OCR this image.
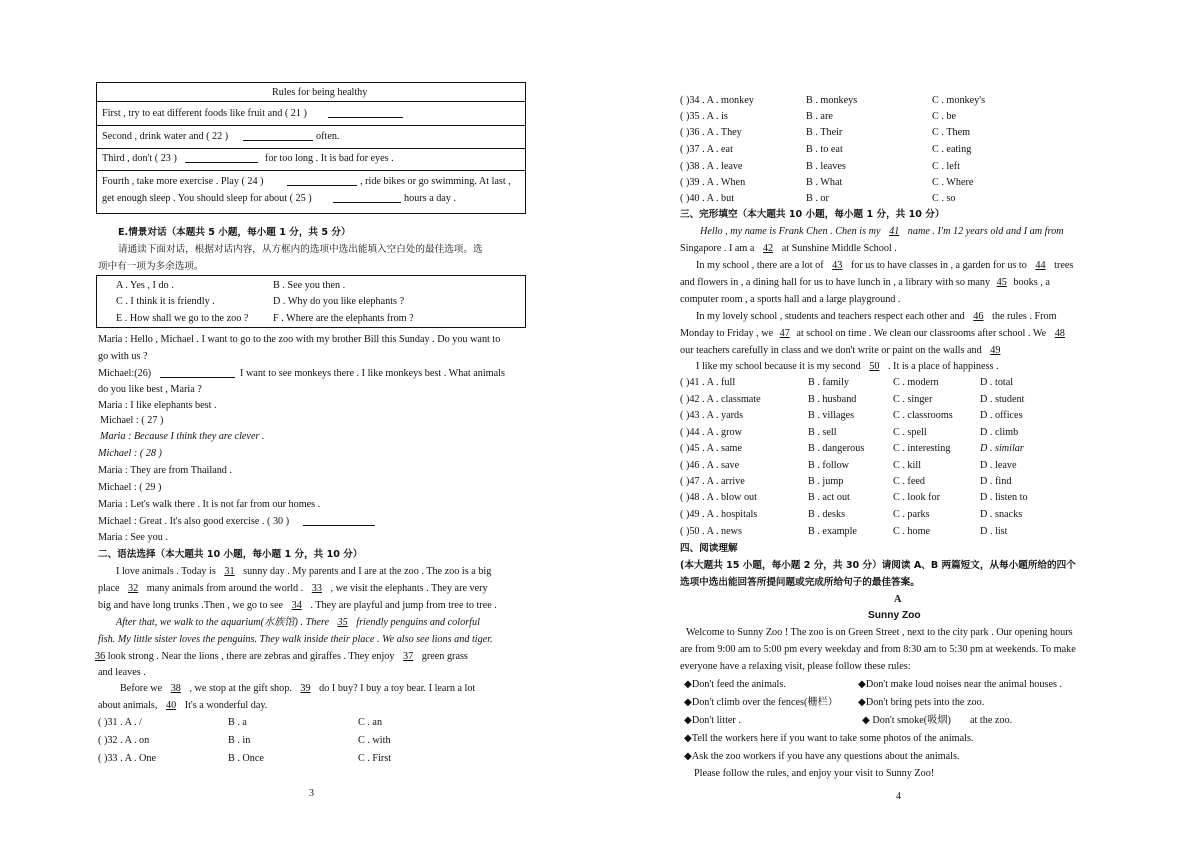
Rules for being healthy
First , try to eat different foods like fruit and ( 21 )
Second , drink water and ( 22 )	often.
Third , don't ( 23 )	for too long . It is bad for eyes .
Fourth , take more exercise . Play ( 24 )	, ride bikes or go swimming. At last ,
get enough sleep . You should sleep for about ( 25 )	hours a day .
E.情景对话（本题共 5 小题，每小题 1 分，共 5 分）
请通读下面对话，根据对话内容，从方框内的选项中选出能填入空白处的最佳选项。选
项中有一项为多余选项。
A . Yes , I do .	B . See you then .
C . I think it is friendly .	D . Why do you like elephants ?
E . How shall we go to the zoo ? F . Where are the elephants from ?
Maria : Hello , Michael . I want to go to the zoo with my brother Bill this Sunday . Do you want to
go with us ?
Michael:(26)	I want to see monkeys there . I like monkeys best . What animals
do you like best , Maria ?
Maria : I like elephants best .
Michael : ( 27 )
Maria : Because I think they are clever .
Michael : ( 28 )
Maria : They are from Thailand .
Michael : ( 29 )
Maria : Let's walk there . It is not far from our homes .
Michael : Great . It's also good exercise . ( 30 )
Maria : See you .
二、语法选择（本大题共 10 小题，每小题 1 分，共 10 分）
I love animals . Today is 31 sunny day . My parents and I are at the zoo . The zoo is a big
place 32 many animals from around the world . 33 , we visit the elephants . They are very
big and have long trunks .Then , we go to see 34 . They are playful and jump from tree to tree .
After that, we walk to the aquarium(水族馆) . There 35 friendly penguins and colorful
fish. My little sister loves the penguins. They walk inside their place . We also see lions and tiger.
36 look strong . Near the lions , there are zebras and giraffes . They enjoy 37 green grass
and leaves .
Before we 38 , we stop at the gift shop. 39 do I buy? I buy a toy bear. I learn a lot
about animals, 40 It's a wonderful day.
( )31 . A . /	B . a	C . an
( )32 . A . on	B . in	C . with
( )33 . A . One	B . Once	C . First
3
( )34 . A . monkey	B . monkeys	C . monkey's
( )35 . A . is	B . are	C . be
( )36 . A . They	B . Their	C . Them
( )37 . A . eat	B . to eat	C . eating
( )38 . A . leave	B . leaves	C . left
( )39 . A . When	B . What	C . Where
( )40 . A . but	B . or	C . so
三、完形填空（本大题共 10 小题，每小题 1 分，共 10 分）
Hello , my name is Frank Chen . Chen is my 41 name . I'm 12 years old and I am from
Singapore . I am a 42 at Sunshine Middle School .
In my school , there are a lot of 43 for us to have classes in , a garden for us to 44 trees
and flowers in , a dining hall for us to have lunch in , a library with so many 45 books , a
computer room , a sports hall and a large playground .
In my lovely school , students and teachers respect each other and 46 the rules . From
Monday to Friday , we 47 at school on time . We clean our classrooms after school . We 48
our teachers carefully in class and we don't write or paint on the walls and 49
I like my school because it is my second 50 . It is a place of happiness .
( )41 . A . full	B . family	C . modern	D . total
( )42 . A . classmate	B . husband	C . singer	D . student
( )43 . A . yards	B . villages	C . classrooms	D . offices
( )44 . A . grow	B . sell	C . spell	D . climb
( )45 . A . same	B . dangerous	C . interesting	D . similar
( )46 . A . save	B . follow	C . kill	D . leave
( )47 . A . arrive	B . jump	C . feed	D . find
( )48 . A . blow out	B . act out	C . look for	D . listen to
( )49 . A . hospitals	B . desks	C . parks	D . snacks
( )50 . A . news	B . example	C . home	D . list
四、阅读理解
(本大题共 15 小题，每小题 2 分，共 30 分）请阅读 A、B 两篇短文，从每小题所给的四个
选项中选出能回答所提问题或完成所给句子的最佳答案。
A
Sunny Zoo
Welcome to Sunny Zoo ! The zoo is on Green Street , next to the city park . Our opening hours
are from 9:00 am to 5:00 pm every weekday and from 8:30 am to 5:30 pm at weekends. To make
everyone have a relaxing visit, please follow these rules:
◆Don't feed the animals.	◆Don't make loud noises near the animal houses .
◆Don't climb over the fences(栅栏） ◆Don't bring pets into the zoo.
◆Don't litter .	◆ Don't smoke(吸烟) at the zoo.
◆Tell the workers here if you want to take some photos of the animals.
◆Ask the zoo workers if you have any questions about the animals.
Please follow the rules, and enjoy your visit to Sunny Zoo!
4
